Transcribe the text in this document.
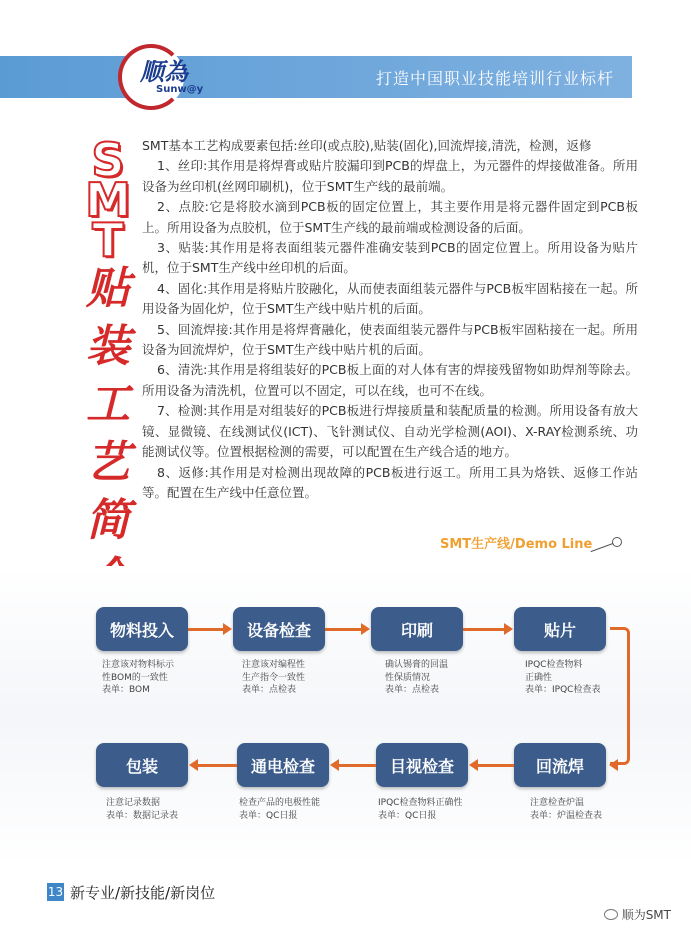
打造中国职业技能培训行业标杆
顺為
Sunw@y
S
M
T
贴
装
工
艺
简

SMT基本工艺构成要素包括:丝印(或点胶),贴装(固化),回流焊接,清洗，检测，返修

1、丝印:其作用是将焊膏或贴片胶漏印到PCB的焊盘上，为元器件的焊接做准备。所用设备为丝印机(丝网印刷机)，位于SMT生产线的最前端。

2、点胶:它是将胶水滴到PCB板的固定位置上，其主要作用是将元器件固定到PCB板上。所用设备为点胶机，位于SMT生产线的最前端或检测设备的后面。

3、贴装:其作用是将表面组装元器件准确安装到PCB的固定位置上。所用设备为贴片机，位于SMT生产线中丝印机的后面。

4、固化:其作用是将贴片胶融化，从而使表面组装元器件与PCB板牢固粘接在一起。所用设备为固化炉，位于SMT生产线中贴片机的后面。

5、回流焊接:其作用是将焊膏融化，使表面组装元器件与PCB板牢固粘接在一起。所用设备为回流焊炉，位于SMT生产线中贴片机的后面。

6、清洗:其作用是将组装好的PCB板上面的对人体有害的焊接残留物如助焊剂等除去。所用设备为清洗机，位置可以不固定，可以在线，也可不在线。

7、检测:其作用是对组装好的PCB板进行焊接质量和装配质量的检测。所用设备有放大镜、显微镜、在线测试仪(ICT)、飞针测试仪、自动光学检测(AOI)、X-RAY检测系统、功能测试仪等。位置根据检测的需要，可以配置在生产线合适的地方。

8、返修:其作用是对检测出现故障的PCB板进行返工。所用工具为烙铁、返修工作站等。配置在生产线中任意位置。

SMT生产线/Demo Line
物料投入	设备检查	印刷	贴片
注意该对物料标示
性BOM的一致性
表单：BOM
注意该对编程性
生产指令一致性
表单：点检表
确认锡膏的回温
性保质情况
表单：点检表
IPQC检查物料
正确性
表单：IPQC检查表
回流焊
目视检查
通电检查
包装
注意检查炉温
表单：炉温检查表
IPQC检查物料正确性
表单：QC日报
检查产品的电极性能
表单：QC日报
注意记录数据
表单：数据记录表
13 新专业/新技能/新岗位
顺为SMT
